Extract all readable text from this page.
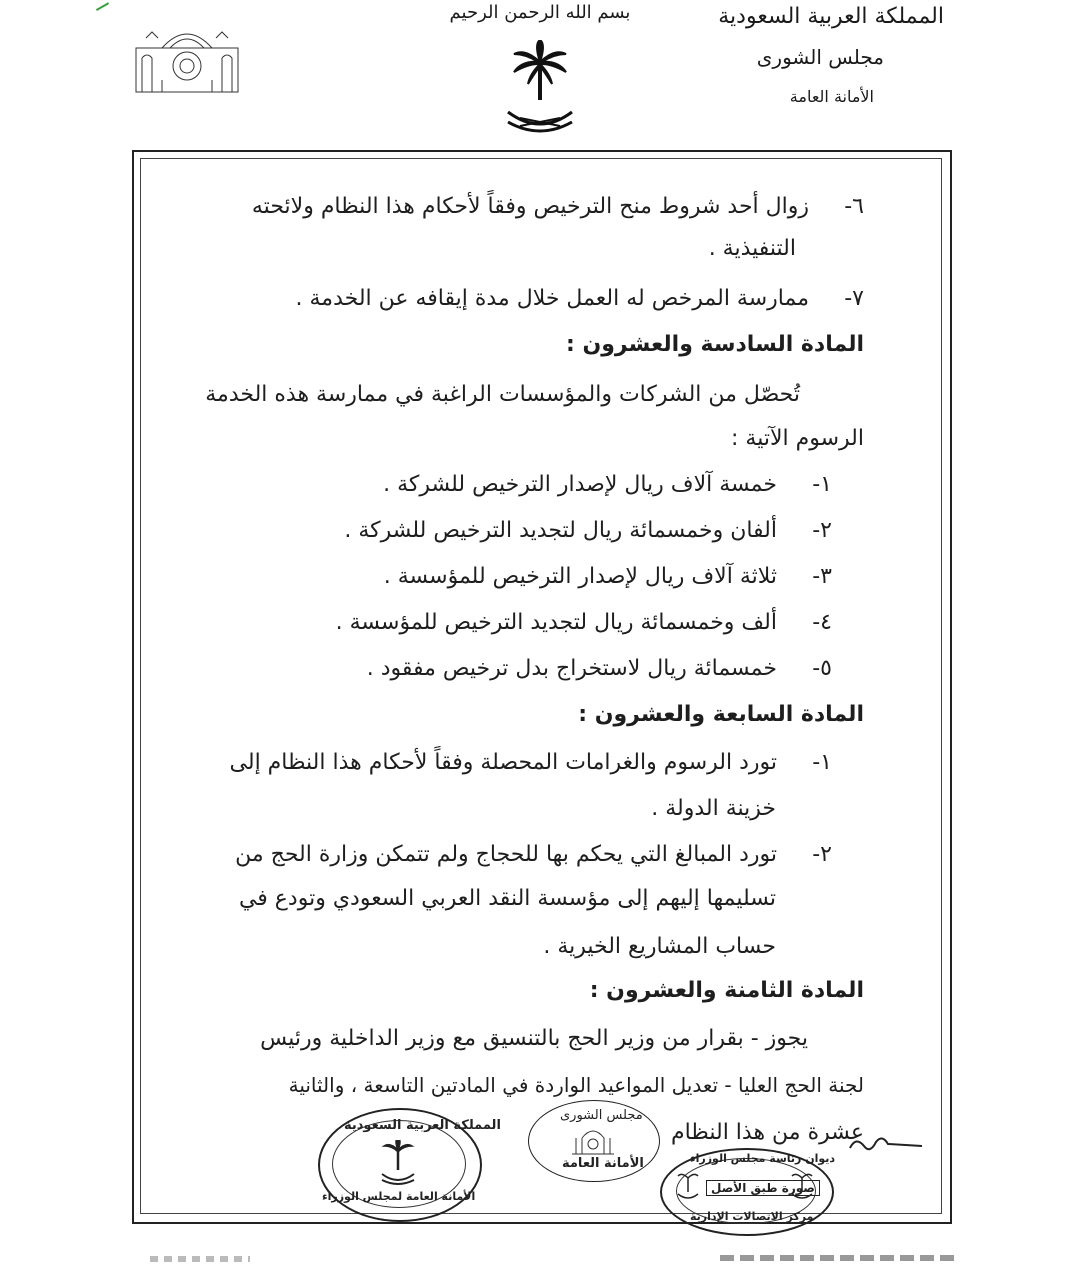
المملكة العربية السعودية
مجلس الشورى
الأمانة العامة
بسم الله الرحمن الرحيم
٦- زوال أحد شروط منح الترخيص وفقاً لأحكام هذا النظام ولائحته
التنفيذية .
٧- ممارسة المرخص له العمل خلال مدة إيقافه عن الخدمة .
المادة السادسة والعشرون :
تُحصّل من الشركات والمؤسسات الراغبة في ممارسة هذه الخدمة
الرسوم الآتية :
١- خمسة آلاف ريال لإصدار الترخيص للشركة .
٢- ألفان وخمسمائة ريال لتجديد الترخيص للشركة .
٣- ثلاثة آلاف ريال لإصدار الترخيص للمؤسسة .
٤- ألف وخمسمائة ريال لتجديد الترخيص للمؤسسة .
٥- خمسمائة ريال لاستخراج بدل ترخيص مفقود .
المادة السابعة والعشرون :
١- تورد الرسوم والغرامات المحصلة وفقاً لأحكام هذا النظام إلى
خزينة الدولة .
٢- تورد المبالغ التي يحكم بها للحجاج ولم تتمكن وزارة الحج من
تسليمها إليهم إلى مؤسسة النقد العربي السعودي وتودع في
حساب المشاريع الخيرية .
المادة الثامنة والعشرون :
يجوز - بقرار من وزير الحج بالتنسيق مع وزير الداخلية ورئيس
لجنة الحج العليا - تعديل المواعيد الواردة في المادتين التاسعة ، والثانية
عشرة من هذا النظام
المملكة العربية السعودية
الأمانة العامة لمجلس الوزراء
مجلس الشورى
الأمانة العامة	ديوان رئاسة مجلس الوزراء
صورة طبق الأصل
مركز الاتصالات الإدارية
